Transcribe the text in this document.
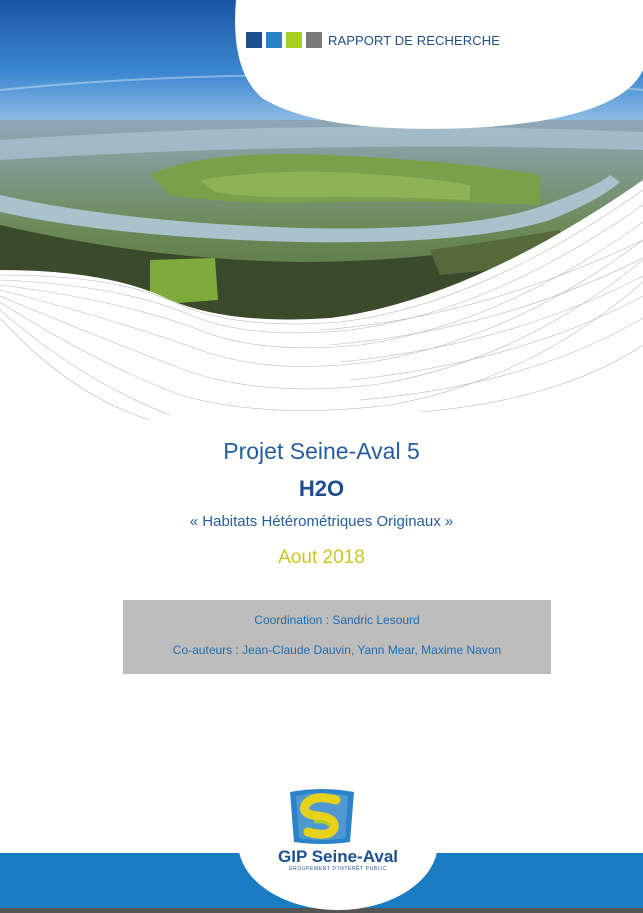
RAPPORT DE RECHERCHE
Projet Seine-Aval 5
H2O
« Habitats Hétérométriques Originaux »
Aout 2018
Coordination : Sandric Lesourd
Co-auteurs : Jean-Claude Dauvin, Yann Mear, Maxime Navon
GIP Seine-Aval
GROUPEMENT D'INTÉRÊT PUBLIC
